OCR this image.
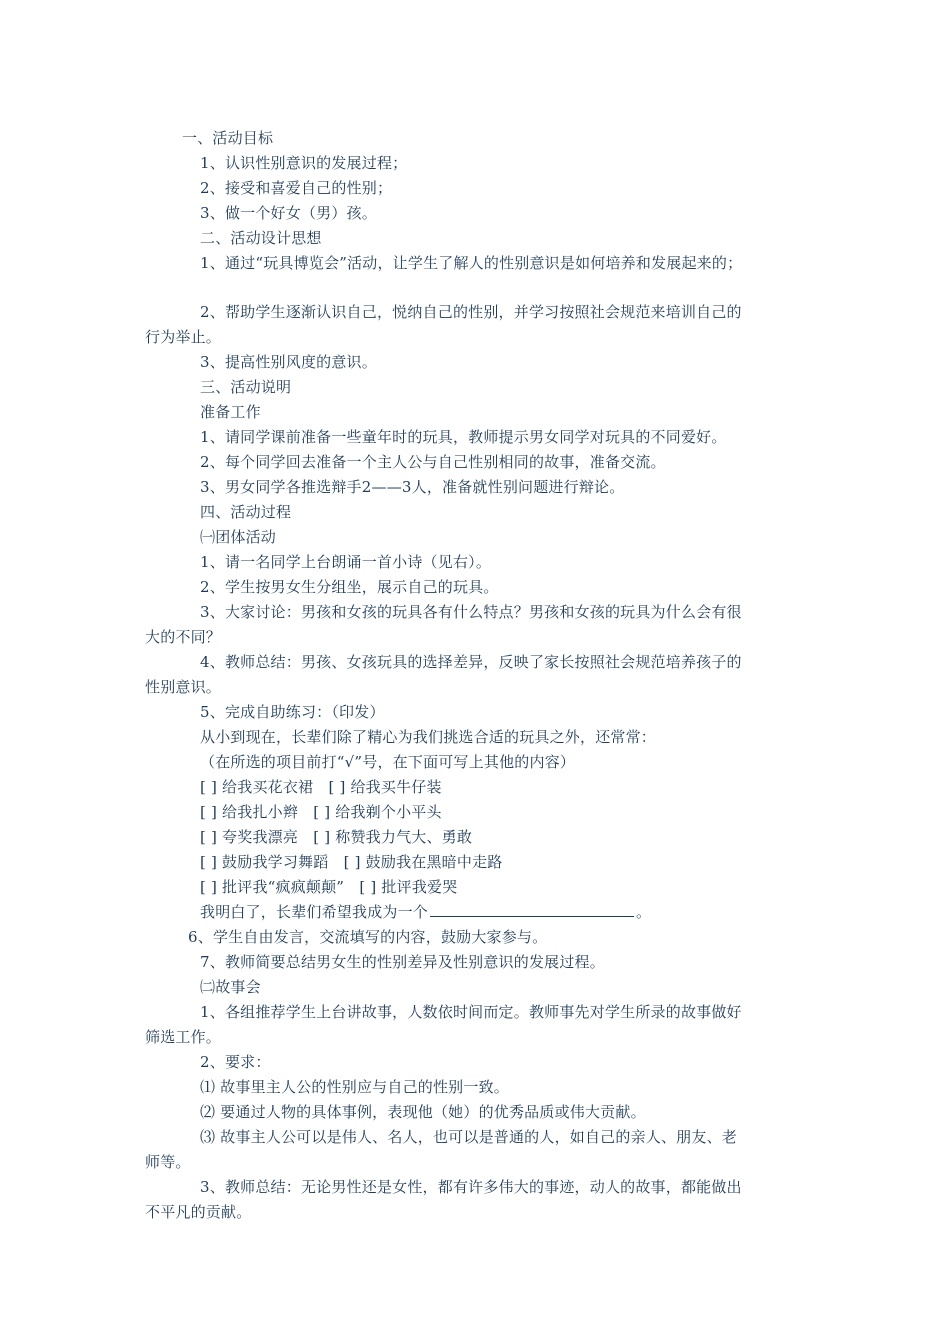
一、活动目标
1、认识性别意识的发展过程；
2、接受和喜爱自己的性别；
3、做一个好女（男）孩。
二、活动设计思想
1、通过“玩具博览会”活动，让学生了解人的性别意识是如何培养和发展起来的；
2、帮助学生逐渐认识自己，悦纳自己的性别，并学习按照社会规范来培训自己的
行为举止。
3、提高性别风度的意识。
三、活动说明
准备工作
1、请同学课前准备一些童年时的玩具，教师提示男女同学对玩具的不同爱好。
2、每个同学回去准备一个主人公与自己性别相同的故事，准备交流。
3、男女同学各推选辩手2——3人，准备就性别问题进行辩论。
四、活动过程
㈠团体活动
1、请一名同学上台朗诵一首小诗（见右）。
2、学生按男女生分组坐，展示自己的玩具。
3、大家讨论：男孩和女孩的玩具各有什么特点？男孩和女孩的玩具为什么会有很
大的不同？
4、教师总结：男孩、女孩玩具的选择差异，反映了家长按照社会规范培养孩子的
性别意识。
5、完成自助练习：（印发）
从小到现在，长辈们除了精心为我们挑选合适的玩具之外，还常常：
（在所选的项目前打“√”号，在下面可写上其他的内容）
[ ] 给我买花衣裙　[ ] 给我买牛仔装
[ ] 给我扎小辫　[ ] 给我剃个小平头
[ ] 夸奖我漂亮　[ ] 称赞我力气大、勇敢
[ ] 鼓励我学习舞蹈　[ ] 鼓励我在黑暗中走路
[ ] 批评我“疯疯颠颠”　[ ] 批评我爱哭
我明白了，长辈们希望我成为一个	。
6、学生自由发言，交流填写的内容，鼓励大家参与。
7、教师简要总结男女生的性别差异及性别意识的发展过程。
㈡故事会
1、各组推荐学生上台讲故事，人数依时间而定。教师事先对学生所录的故事做好
筛选工作。
2、要求：
⑴ 故事里主人公的性别应与自己的性别一致。
⑵ 要通过人物的具体事例，表现他（她）的优秀品质或伟大贡献。
⑶ 故事主人公可以是伟人、名人，也可以是普通的人，如自己的亲人、朋友、老
师等。
3、教师总结：无论男性还是女性，都有许多伟大的事迹，动人的故事，都能做出
不平凡的贡献。
